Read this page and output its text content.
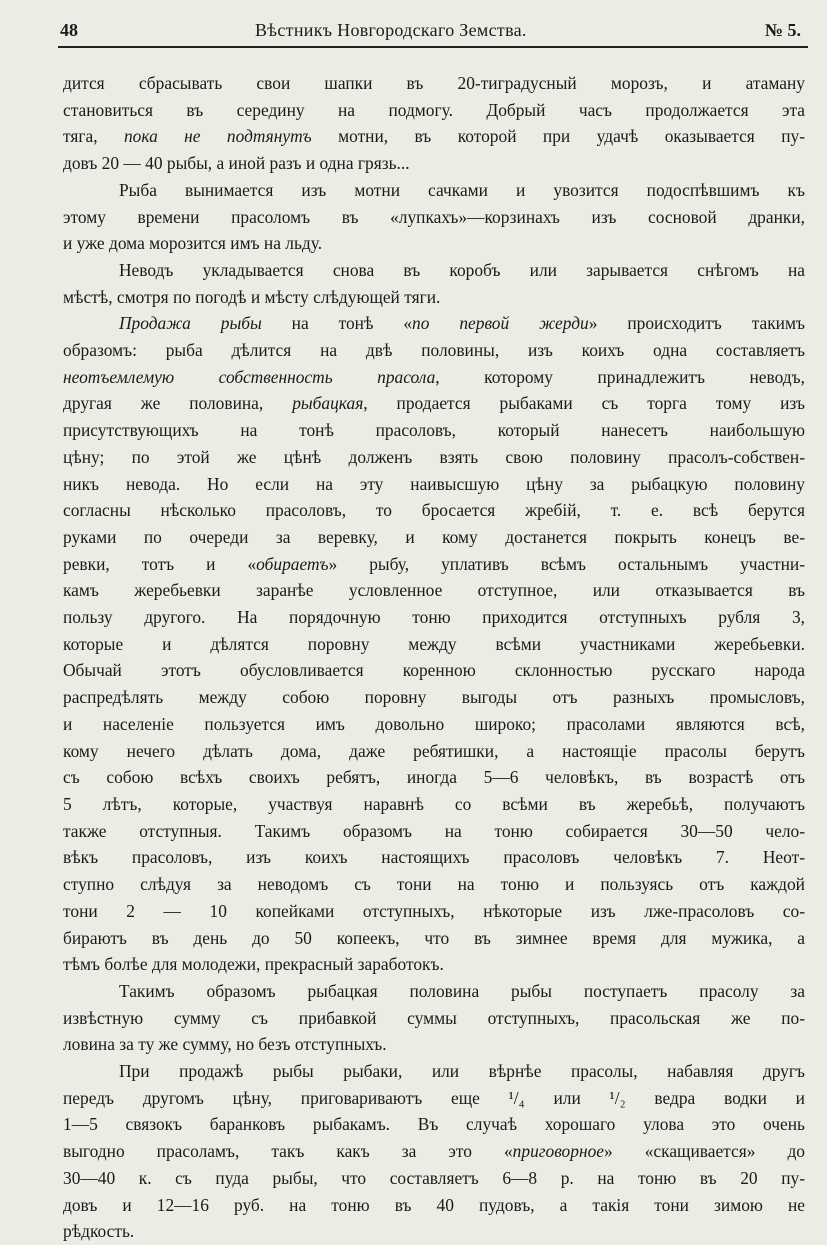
48	Вѣстникъ Новгородскаго Земства.	№ 5.

дится сбрасывать свои шапки въ 20-тиградусный морозъ, и атаману

становиться въ середину на подмогу. Добрый часъ продолжается эта

тяга, пока не подтянутъ мотни, въ которой при удачѣ оказывается пу-

довъ 20 — 40 рыбы, а иной разъ и одна грязь...

Рыба вынимается изъ мотни сачками и увозится подоспѣвшимъ къ

этому времени прасоломъ въ «лупкахъ»—корзинахъ изъ сосновой дранки,

и уже дома морозится имъ на льду.

Неводъ укладывается снова въ коробъ или зарывается снѣгомъ на

мѣстѣ, смотря по погодѣ и мѣсту слѣдующей тяги.

Продажа рыбы на тонѣ «по первой жерди» происходитъ такимъ

образомъ: рыба дѣлится на двѣ половины, изъ коихъ одна составляетъ

неотъемлемую собственность прасола, которому принадлежитъ неводъ,

другая же половина, рыбацкая, продается рыбаками съ торга тому изъ

присутствующихъ на тонѣ прасоловъ, который нанесетъ наибольшую

цѣну; по этой же цѣнѣ долженъ взять свою половину прасолъ-собствен-

никъ невода. Но если на эту наивысшую цѣну за рыбацкую половину

согласны нѣсколько прасоловъ, то бросается жребій, т. е. всѣ берутся

руками по очереди за веревку, и кому достанется покрыть конецъ ве-

ревки, тотъ и «обираетъ» рыбу, уплативъ всѣмъ остальнымъ участни-

камъ жеребьевки заранѣе условленное отступное, или отказывается въ

пользу другого. На порядочную тоню приходится отступныхъ рубля 3,

которые и дѣлятся поровну между всѣми участниками жеребьевки.

Обычай этотъ обусловливается коренною склонностью русскаго народа

распредѣлять между собою поровну выгоды отъ разныхъ промысловъ,

и населеніе пользуется имъ довольно широко; прасолами являются всѣ,

кому нечего дѣлать дома, даже ребятишки, а настоящіе прасолы берутъ

съ собою всѣхъ своихъ ребятъ, иногда 5—6 человѣкъ, въ возрастѣ отъ

5 лѣтъ, которые, участвуя наравнѣ со всѣми въ жеребьѣ, получаютъ

также отступныя. Такимъ образомъ на тоню собирается 30—50 чело-

вѣкъ прасоловъ, изъ коихъ настоящихъ прасоловъ человѣкъ 7. Неот-

ступно слѣдуя за неводомъ съ тони на тоню и пользуясь отъ каждой

тони 2 — 10 копейками отступныхъ, нѣкоторые изъ лже-прасоловъ со-

бираютъ въ день до 50 копеекъ, что въ зимнее время для мужика, а

тѣмъ болѣе для молодежи, прекрасный заработокъ.

Такимъ образомъ рыбацкая половина рыбы поступаетъ прасолу за

извѣстную сумму съ прибавкой суммы отступныхъ, прасольская же по-

ловина за ту же сумму, но безъ отступныхъ.

При продажѣ рыбы рыбаки, или вѣрнѣе прасолы, набавляя другъ

передъ другомъ цѣну, приговариваютъ еще ¹/₄ или ¹/₂ ведра водки и

1—5 связокъ баранковъ рыбакамъ. Въ случаѣ хорошаго улова это очень

выгодно прасоламъ, такъ какъ за это «приговорное» «скащивается» до

30—40 к. съ пуда рыбы, что составляетъ 6—8 р. на тоню въ 20 пу-

довъ и 12—16 руб. на тоню въ 40 пудовъ, а такія тони зимою не

рѣдкость.
